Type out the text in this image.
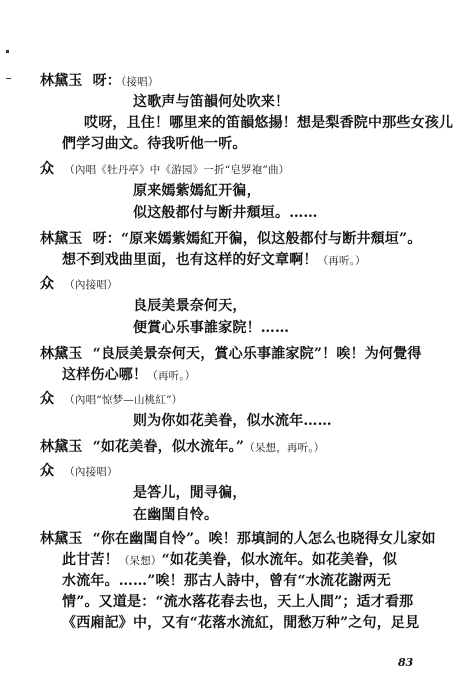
林黛玉 呀：（接唱）
这歌声与笛韻何处吹来！
哎呀，且住！哪里来的笛韻悠揚！想是梨香院中那些女孩儿
們学习曲文。待我听他一听。
众 （內唱《牡丹亭》中《游园》一折“皂罗袍”曲）
原来嫣紫嫣紅开徧，
似这般都付与断井頹垣。……
林黛玉 呀：“原来嫣紫嫣紅开徧，似这般都付与断井頹垣”。
想不到戏曲里面，也有这样的好文章啊！（再听。）
众 （內接唱）
良辰美景奈何天，
便賞心乐事誰家院！……
林黛玉 “良辰美景奈何天，賞心乐事誰家院”！唉！为何覺得
这样伤心哪！（再听。）
众 （內唱“惊梦—山桃紅”）
则为你如花美眷，似水流年……
林黛玉 “如花美眷，似水流年。”（呆想，再听。）
众 （內接唱）
是答儿，閒寻徧，
在幽閨自怜。
林黛玉 “你在幽閨自怜”。唉！那填詞的人怎么也晓得女儿家如
此甘苦！（呆想）“如花美眷，似水流年。如花美眷，似
水流年。……”唉！那古人詩中，曾有“水流花謝两无
情”。又道是：“流水落花春去也，天上人間”；适才看那
《西廂記》中，又有“花落水流紅，閒愁万种”之句，足見
83
